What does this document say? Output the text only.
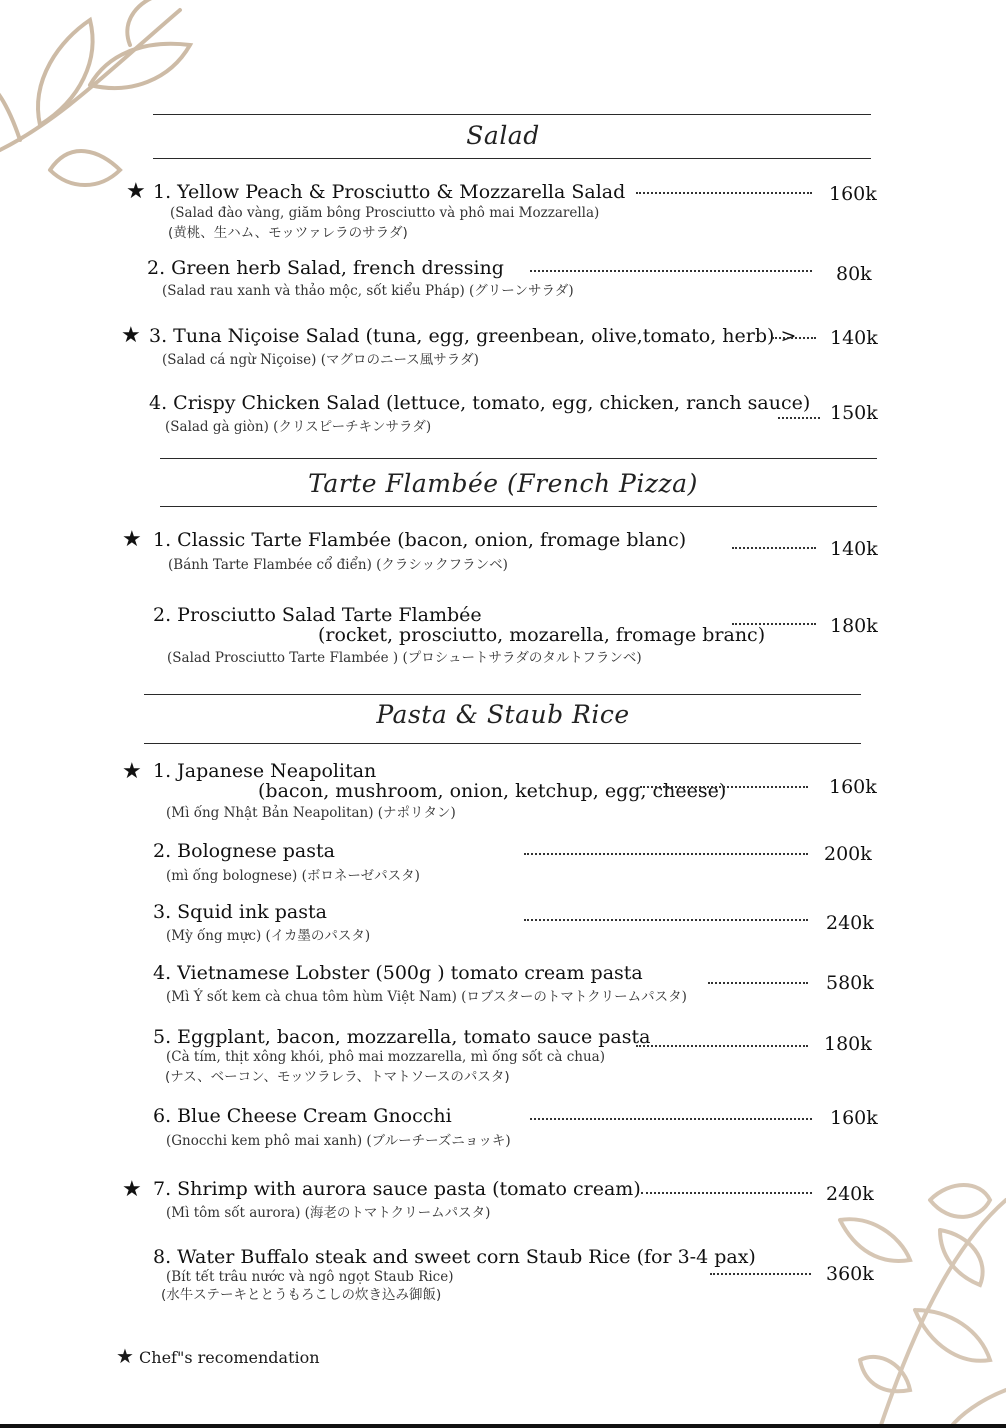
Salad
Tarte Flambée (French Pizza)
Pasta & Staub Rice
★ 1. Yellow Peach & Prosciutto & Mozzarella Salad
(Salad đào vàng, giăm bông Prosciutto và phô mai Mozzarella)
(黄桃、生ハム、モッツァレラのサラダ)
160k
2. Green herb Salad, french dressing
(Salad rau xanh và thảo mộc, sốt kiểu Pháp) (グリーンサラダ)
80k
★ 3. Tuna Niçoise Salad (tuna, egg, greenbean, olive,tomato, herb) >
(Salad cá ngừ Niçoise) (マグロのニース風サラダ)
140k
4. Crispy Chicken Salad (lettuce, tomato, egg, chicken, ranch sauce)
(Salad gà giòn) (クリスピーチキンサラダ)
150k
★ 1. Classic Tarte Flambée (bacon, onion, fromage blanc)
(Bánh Tarte Flambée cổ điển) (クラシックフランベ)
140k
2. Prosciutto Salad Tarte Flambée
(rocket, prosciutto, mozarella, fromage branc)
(Salad Prosciutto Tarte Flambée ) (プロシュートサラダのタルトフランベ)
180k
★ 1. Japanese Neapolitan
(bacon, mushroom, onion, ketchup, egg, cheese)
(Mì ống Nhật Bản Neapolitan) (ナポリタン)
160k
2. Bolognese pasta
(mì ống bolognese) (ボロネーゼパスタ)
200k
3. Squid ink pasta
(Mỳ ống mực) (イカ墨のパスタ)
240k
4. Vietnamese Lobster (500g ) tomato cream pasta
(Mì Ý sốt kem cà chua tôm hùm Việt Nam) (ロブスターのトマトクリームパスタ)
580k
5. Eggplant, bacon, mozzarella, tomato sauce pasta
(Cà tím, thịt xông khói, phô mai mozzarella, mì ống sốt cà chua)
(ナス、ベーコン、モッツラレラ、トマトソースのパスタ)
180k
6. Blue Cheese Cream Gnocchi
(Gnocchi kem phô mai xanh) (ブルーチーズニョッキ)
160k
★ 7. Shrimp with aurora sauce pasta (tomato cream)
(Mì tôm sốt aurora) (海老のトマトクリームパスタ)
240k
8. Water Buffalo steak and sweet corn Staub Rice (for 3-4 pax)
(Bít tết trâu nước và ngô ngọt Staub Rice)
(水牛ステーキととうもろこしの炊き込み御飯)
360k
★ Chef"s recomendation
